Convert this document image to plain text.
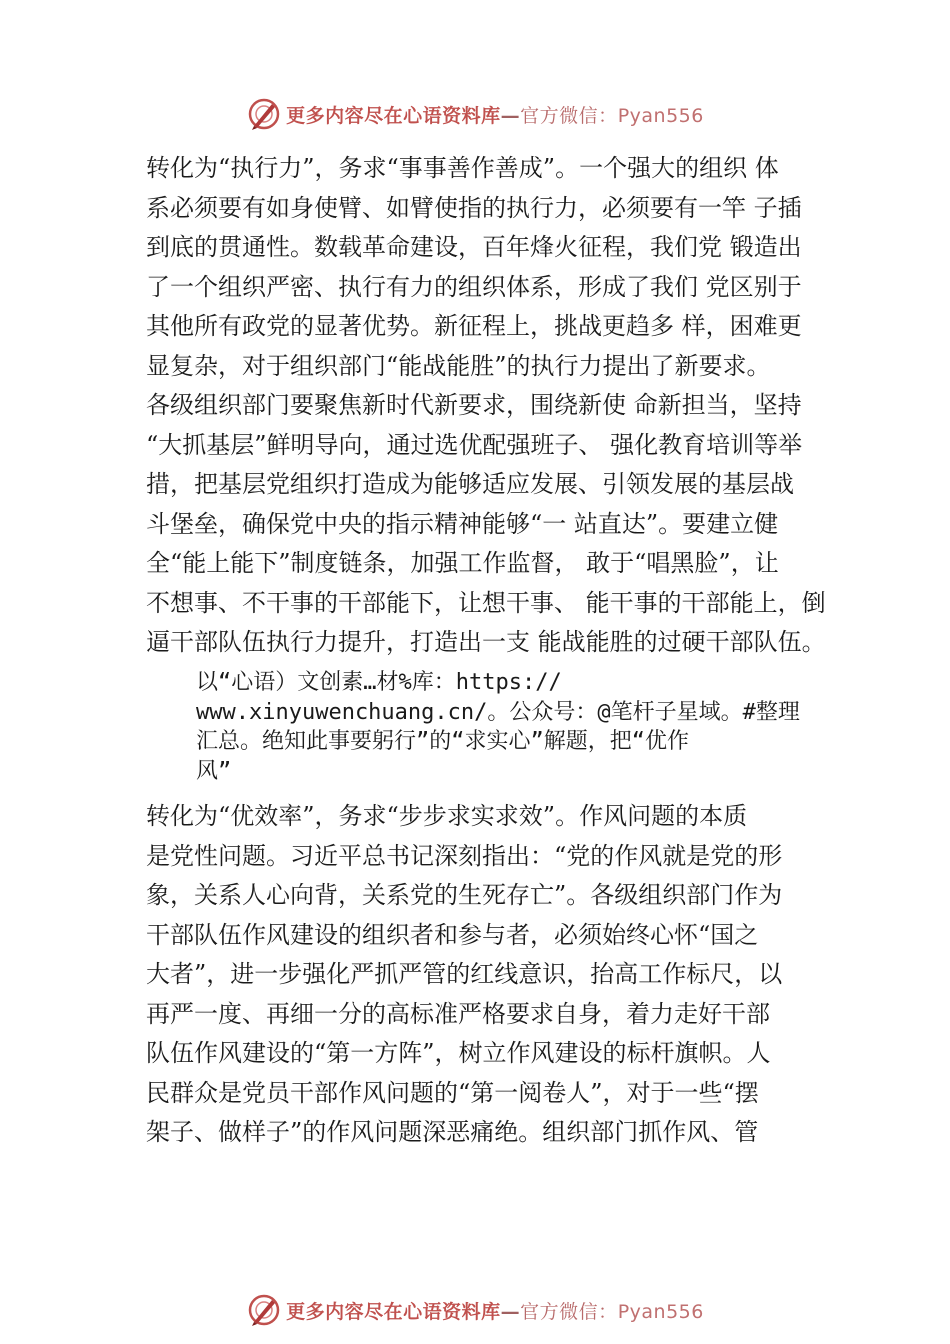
更多内容尽在心语资料库—官方微信：Pyan556
转化为“执行力”，务求“事事善作善成”。一个强大的组织 体
系必须要有如身使臂、如臂使指的执行力，必须要有一竿 子插
到底的贯通性。数载革命建设，百年烽火征程，我们党 锻造出
了一个组织严密、执行有力的组织体系，形成了我们 党区别于
其他所有政党的显著优势。新征程上，挑战更趋多 样，困难更
显复杂，对于组织部门“能战能胜”的执行力提出了新要求。
各级组织部门要聚焦新时代新要求，围绕新使 命新担当，坚持
“大抓基层”鲜明导向，通过选优配强班子、 强化教育培训等举
措，把基层党组织打造成为能够适应发展、引领发展的基层战
斗堡垒，确保党中央的指示精神能够“一 站直达”。要建立健
全“能上能下”制度链条，加强工作监督， 敢于“唱黑脸”，让
不想事、不干事的干部能下，让想干事、 能干事的干部能上，倒
逼干部队伍执行力提升，打造出一支 能战能胜的过硬干部队伍。
以“心语）文创素…材%库：https://
www.xinyuwenchuang.cn/。公众号：@笔杆子星域。#整理
汇总。绝知此事要躬行”的“求实心”解题，把“优作
风”
转化为“优效率”，务求“步步求实求效”。作风问题的本质
是党性问题。习近平总书记深刻指出：“党的作风就是党的形
象，关系人心向背，关系党的生死存亡”。各级组织部门作为
干部队伍作风建设的组织者和参与者，必须始终心怀“国之
大者”，进一步强化严抓严管的红线意识，抬高工作标尺，以
再严一度、再细一分的高标准严格要求自身，着力走好干部
队伍作风建设的“第一方阵”，树立作风建设的标杆旗帜。人
民群众是党员干部作风问题的“第一阅卷人”，对于一些“摆
架子、做样子”的作风问题深恶痛绝。组织部门抓作风、管
更多内容尽在心语资料库—官方微信：Pyan556
